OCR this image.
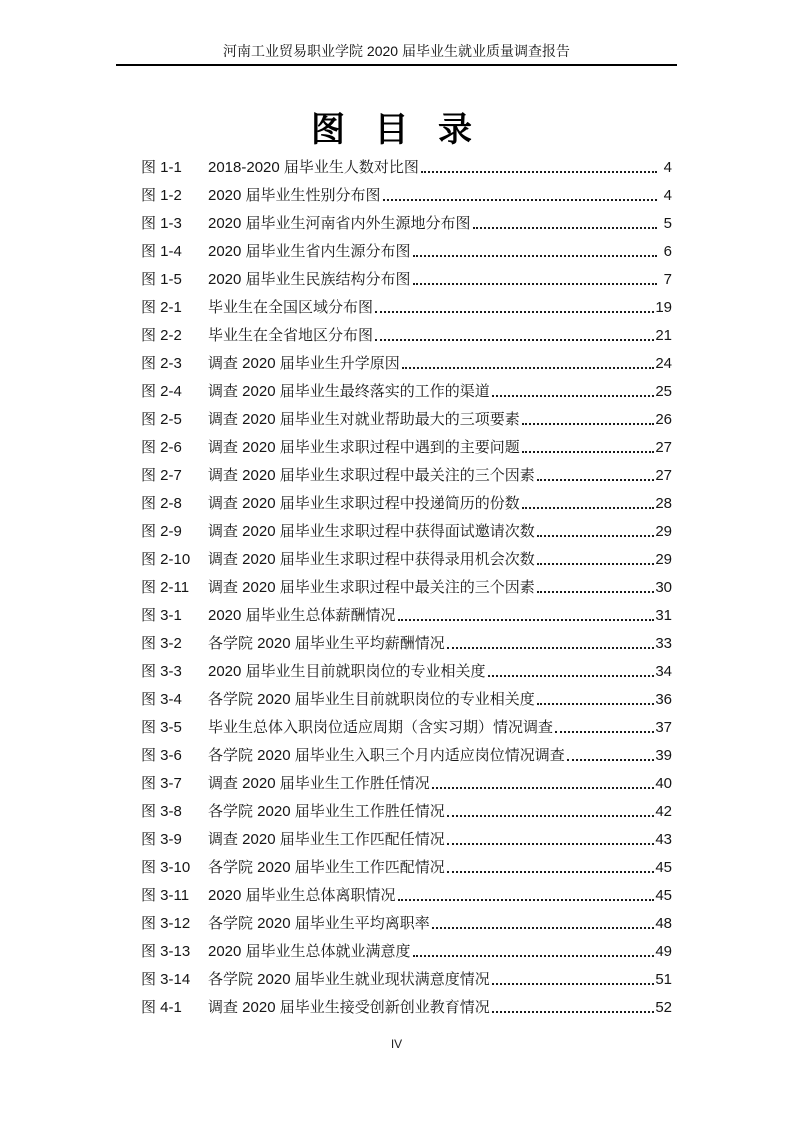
河南工业贸易职业学院 2020 届毕业生就业质量调查报告
图 目 录
图 1-1	2018-2020 届毕业生人数对比图	4
图 1-2	2020 届毕业生性别分布图	4
图 1-3	2020 届毕业生河南省内外生源地分布图	5
图 1-4	2020 届毕业生省内生源分布图	6
图 1-5	2020 届毕业生民族结构分布图	7
图 2-1	毕业生在全国区域分布图	19
图 2-2	毕业生在全省地区分布图	21
图 2-3	调查 2020 届毕业生升学原因	24
图 2-4	调查 2020 届毕业生最终落实的工作的渠道	25
图 2-5	调查 2020 届毕业生对就业帮助最大的三项要素	26
图 2-6	调查 2020 届毕业生求职过程中遇到的主要问题	27
图 2-7	调查 2020 届毕业生求职过程中最关注的三个因素	27
图 2-8	调查 2020 届毕业生求职过程中投递简历的份数	28
图 2-9	调查 2020 届毕业生求职过程中获得面试邀请次数	29
图 2-10	调查 2020 届毕业生求职过程中获得录用机会次数	29
图 2-11	调查 2020 届毕业生求职过程中最关注的三个因素	30
图 3-1	2020 届毕业生总体薪酬情况	31
图 3-2	各学院 2020 届毕业生平均薪酬情况	33
图 3-3	2020 届毕业生目前就职岗位的专业相关度	34
图 3-4	各学院 2020 届毕业生目前就职岗位的专业相关度	36
图 3-5	毕业生总体入职岗位适应周期（含实习期）情况调查	37
图 3-6	各学院 2020 届毕业生入职三个月内适应岗位情况调查	39
图 3-7	调查 2020 届毕业生工作胜任情况	40
图 3-8	各学院 2020 届毕业生工作胜任情况	42
图 3-9	调查 2020 届毕业生工作匹配任情况	43
图 3-10	各学院 2020 届毕业生工作匹配情况	45
图 3-11	2020 届毕业生总体离职情况	45
图 3-12	各学院 2020 届毕业生平均离职率	48
图 3-13	2020 届毕业生总体就业满意度	49
图 3-14	各学院 2020 届毕业生就业现状满意度情况	51
图 4-1	调查 2020 届毕业生接受创新创业教育情况	52
IV
